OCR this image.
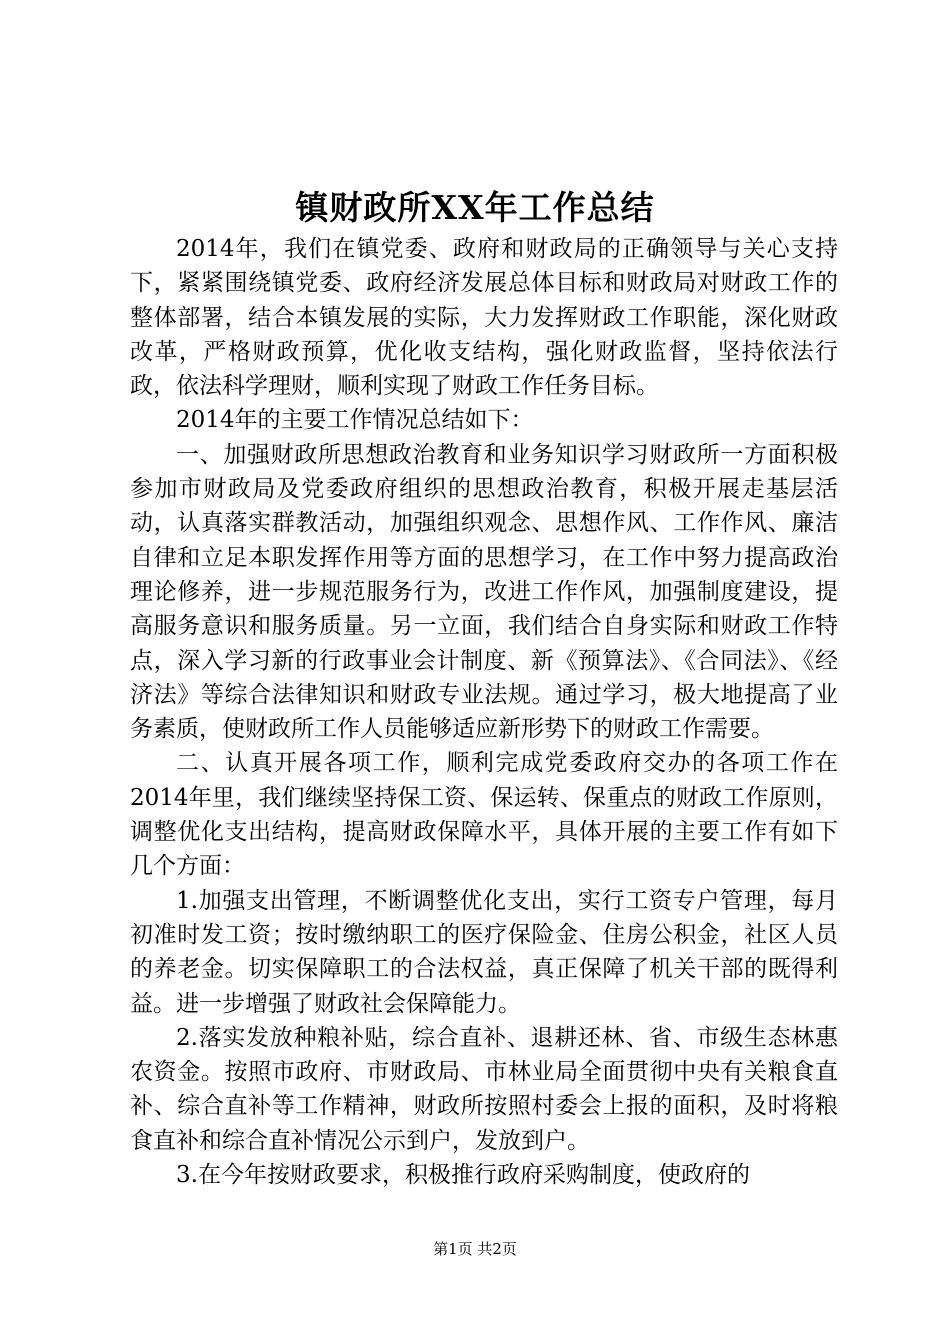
镇财政所XX年工作总结

2014年，我们在镇党委、政府和财政局的正确领导与关心支持下，紧紧围绕镇党委、政府经济发展总体目标和财政局对财政工作的整体部署，结合本镇发展的实际，大力发挥财政工作职能，深化财政改革，严格财政预算，优化收支结构，强化财政监督，坚持依法行政，依法科学理财，顺利实现了财政工作任务目标。

2014年的主要工作情况总结如下：

一、加强财政所思想政治教育和业务知识学习财政所一方面积极参加市财政局及党委政府组织的思想政治教育，积极开展走基层活动，认真落实群教活动，加强组织观念、思想作风、工作作风、廉洁自律和立足本职发挥作用等方面的思想学习，在工作中努力提高政治理论修养，进一步规范服务行为，改进工作作风，加强制度建设，提高服务意识和服务质量。另一立面，我们结合自身实际和财政工作特点，深入学习新的行政事业会计制度、新《预算法》、《合同法》、《经济法》等综合法律知识和财政专业法规。通过学习，极大地提高了业务素质，使财政所工作人员能够适应新形势下的财政工作需要。

二、认真开展各项工作，顺利完成党委政府交办的各项工作在2014年里，我们继续坚持保工资、保运转、保重点的财政工作原则，调整优化支出结构，提高财政保障水平，具体开展的主要工作有如下几个方面：

1.加强支出管理，不断调整优化支出，实行工资专户管理，每月初准时发工资；按时缴纳职工的医疗保险金、住房公积金，社区人员的养老金。切实保障职工的合法权益，真正保障了机关干部的既得利益。进一步增强了财政社会保障能力。

2.落实发放种粮补贴，综合直补、退耕还林、省、市级生态林惠农资金。按照市政府、市财政局、市林业局全面贯彻中央有关粮食直补、综合直补等工作精神，财政所按照村委会上报的面积，及时将粮食直补和综合直补情况公示到户，发放到户。

3.在今年按财政要求，积极推行政府采购制度，使政府的

第1页 共2页
